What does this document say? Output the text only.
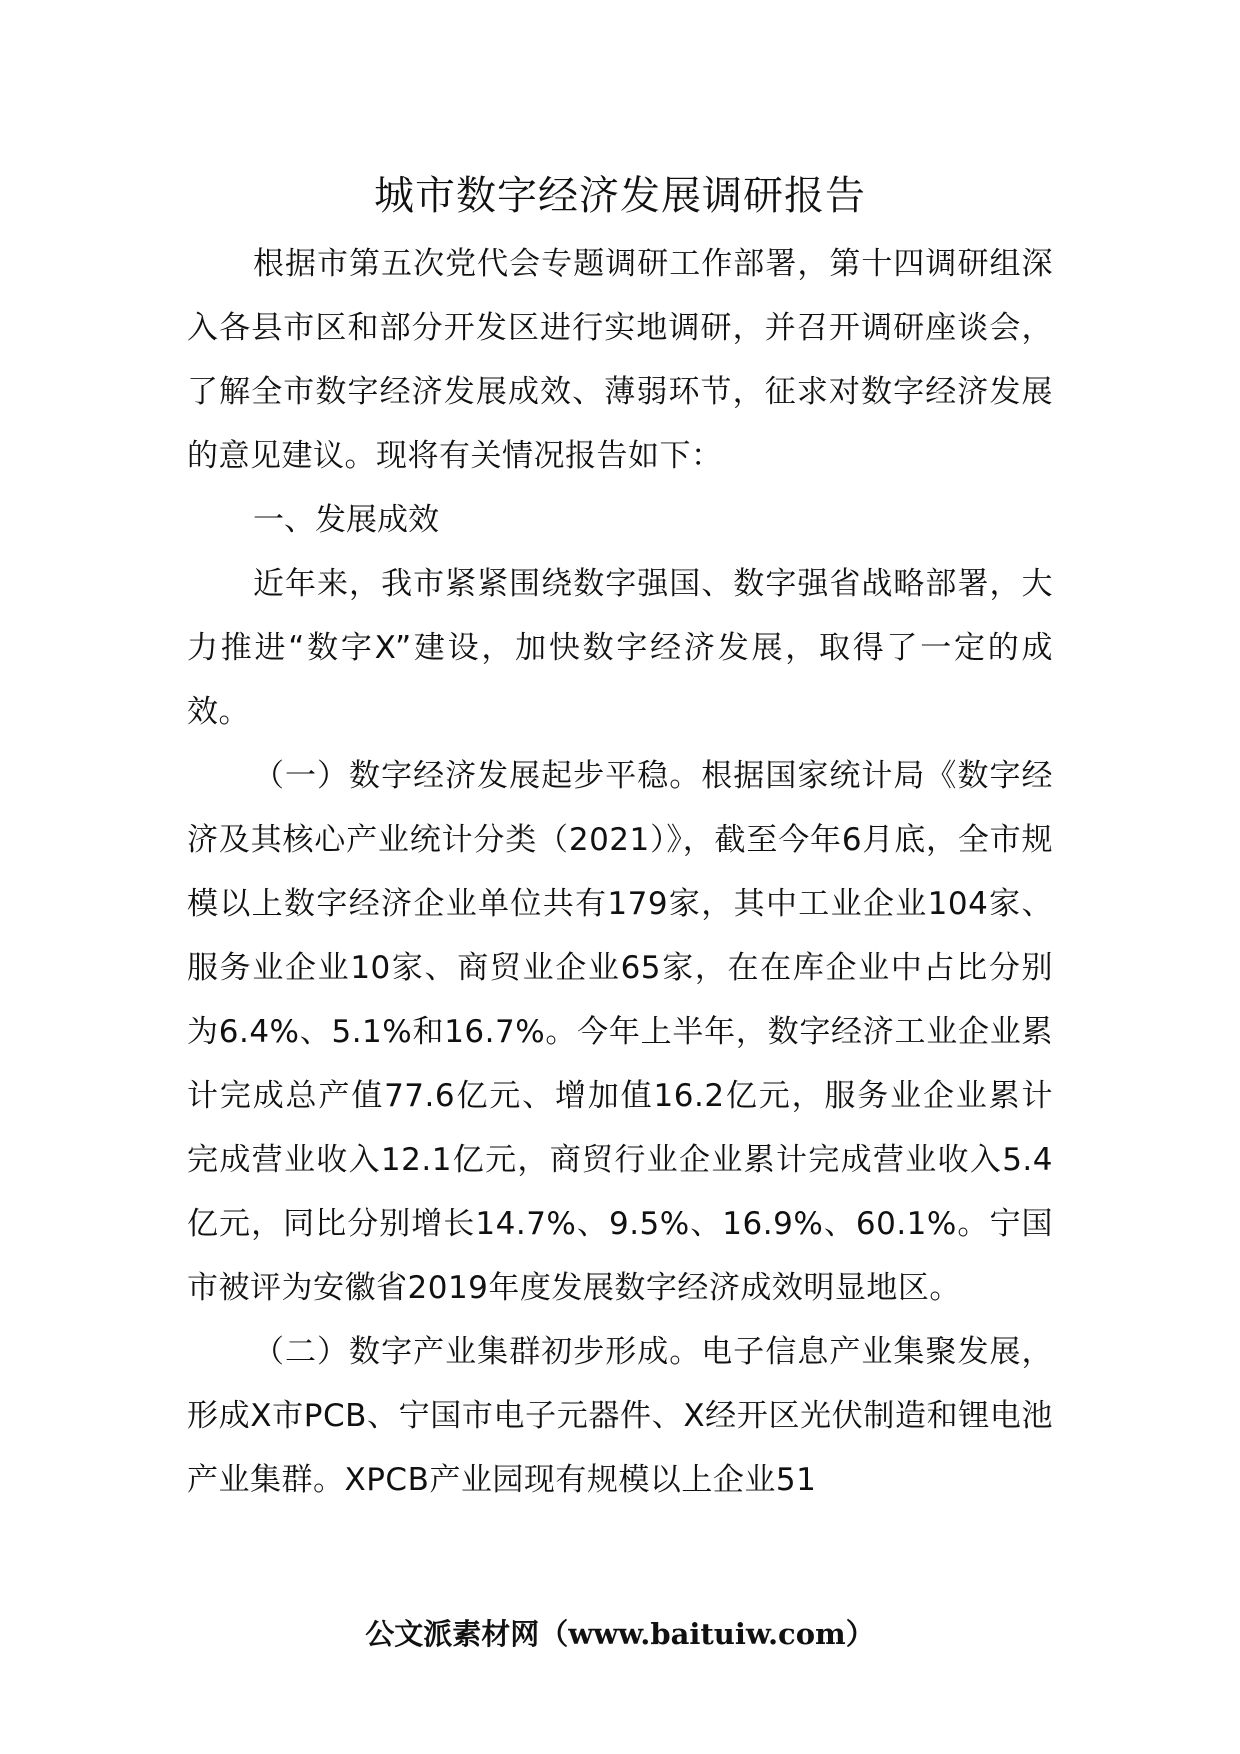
城市数字经济发展调研报告

根据市第五次党代会专题调研工作部署，第十四调研组深入各县市区和部分开发区进行实地调研，并召开调研座谈会，了解全市数字经济发展成效、薄弱环节，征求对数字经济发展的意见建议。现将有关情况报告如下：

一、发展成效

近年来，我市紧紧围绕数字强国、数字强省战略部署，大力推进“数字X”建设，加快数字经济发展，取得了一定的成效。

（一）数字经济发展起步平稳。根据国家统计局《数字经济及其核心产业统计分类（2021）》，截至今年6月底，全市规模以上数字经济企业单位共有179家，其中工业企业104家、服务业企业10家、商贸业企业65家，在在库企业中占比分别为6.4%、5.1%和16.7%。今年上半年，数字经济工业企业累计完成总产值77.6亿元、增加值16.2亿元，服务业企业累计完成营业收入12.1亿元，商贸行业企业累计完成营业收入5.4亿元，同比分别增长14.7%、9.5%、16.9%、60.1%。宁国市被评为安徽省2019年度发展数字经济成效明显地区。

（二）数字产业集群初步形成。电子信息产业集聚发展，形成X市PCB、宁国市电子元器件、X经开区光伏制造和锂电池产业集群。XPCB产业园现有规模以上企业51

公文派素材网（www.baituiw.com）
